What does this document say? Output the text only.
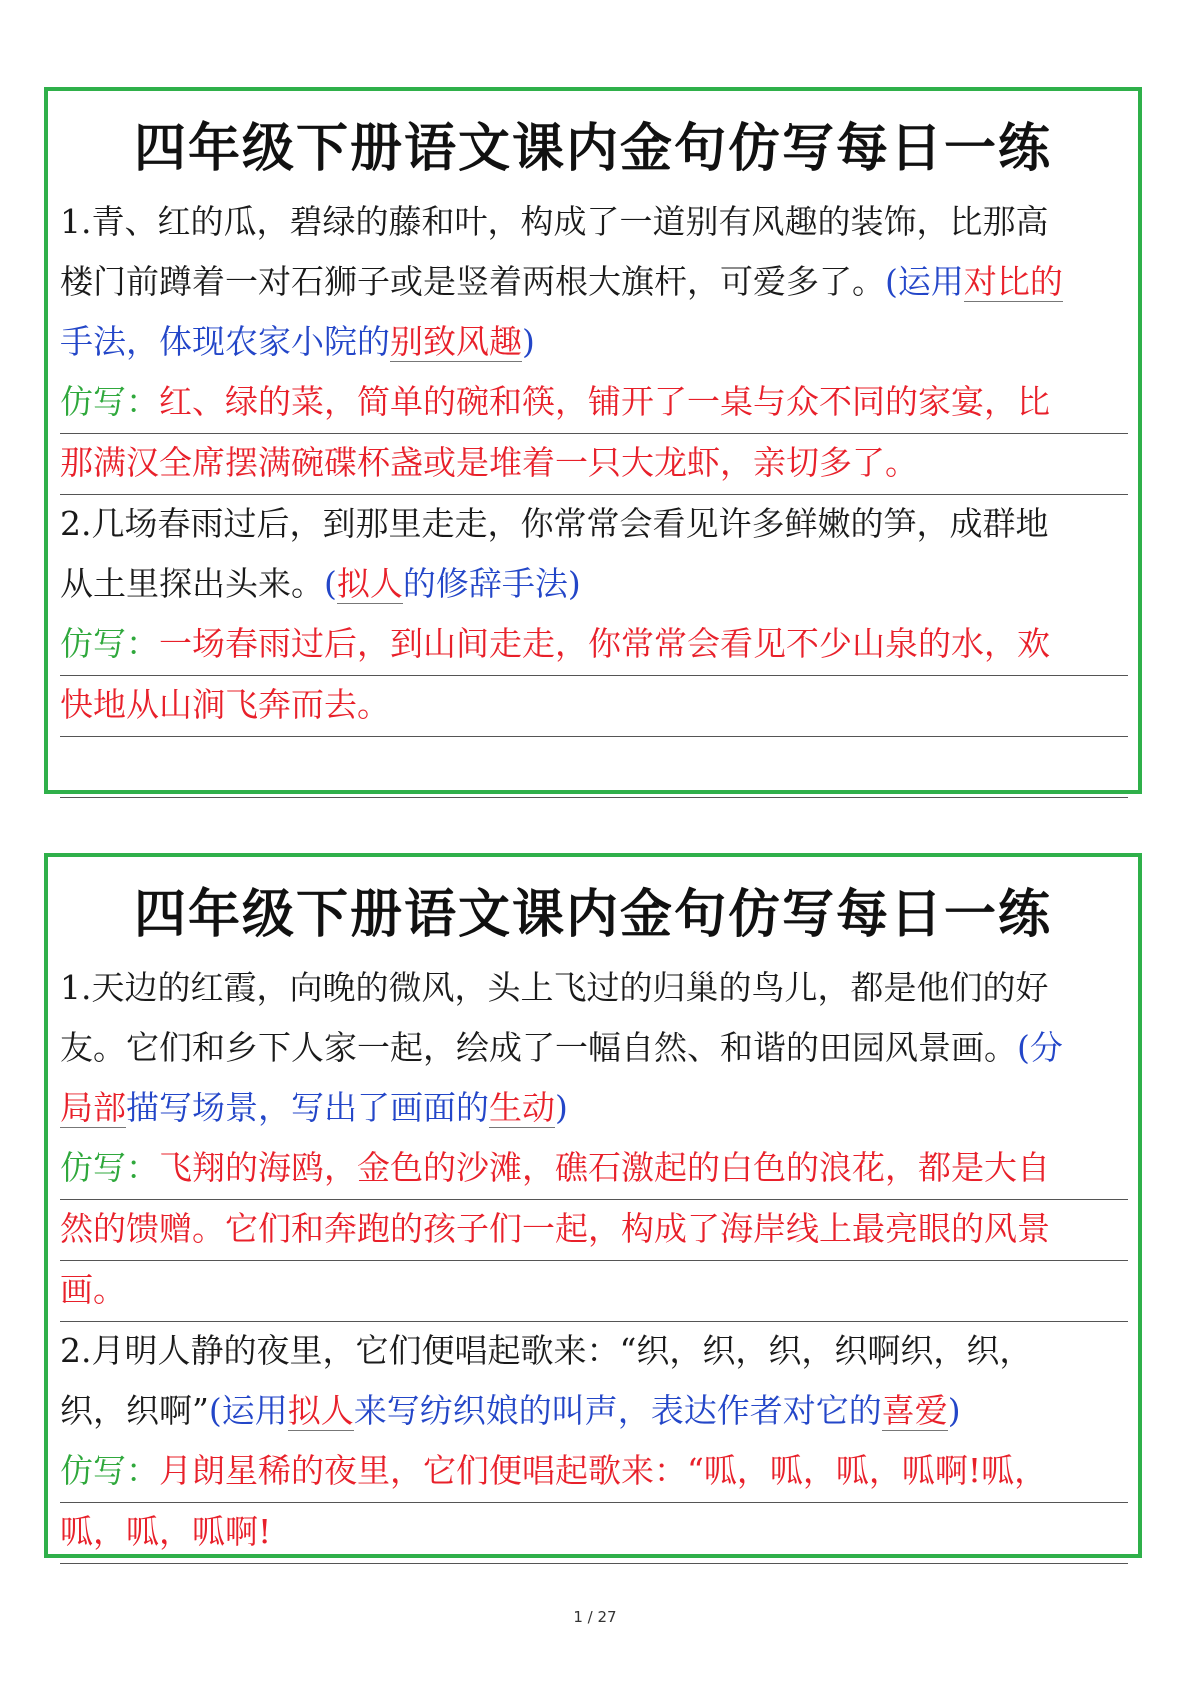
四年级下册语文课内金句仿写每日一练
1.青、红的瓜，碧绿的藤和叶，构成了一道别有风趣的装饰，比那高
楼门前蹲着一对石狮子或是竖着两根大旗杆，可爱多了。(运用对比的
手法，体现农家小院的别致风趣)
仿写：红、绿的菜，简单的碗和筷，铺开了一桌与众不同的家宴，比
那满汉全席摆满碗碟杯盏或是堆着一只大龙虾，亲切多了。
2.几场春雨过后，到那里走走，你常常会看见许多鲜嫩的笋，成群地
从土里探出头来。(拟人的修辞手法)
仿写：一场春雨过后，到山间走走，你常常会看见不少山泉的水，欢
快地从山涧飞奔而去。
四年级下册语文课内金句仿写每日一练
1.天边的红霞，向晚的微风，头上飞过的归巢的鸟儿，都是他们的好
友。它们和乡下人家一起，绘成了一幅自然、和谐的田园风景画。(分
局部描写场景，写出了画面的生动)
仿写：飞翔的海鸥，金色的沙滩，礁石激起的白色的浪花，都是大自
然的馈赠。它们和奔跑的孩子们一起，构成了海岸线上最亮眼的风景
画。
2.月明人静的夜里，它们便唱起歌来：“织，织，织，织啊织，织，
织，织啊”(运用拟人来写纺织娘的叫声，表达作者对它的喜爱)
仿写：月朗星稀的夜里，它们便唱起歌来：“呱，呱，呱，呱啊!呱，
呱，呱，呱啊!
1 / 27
